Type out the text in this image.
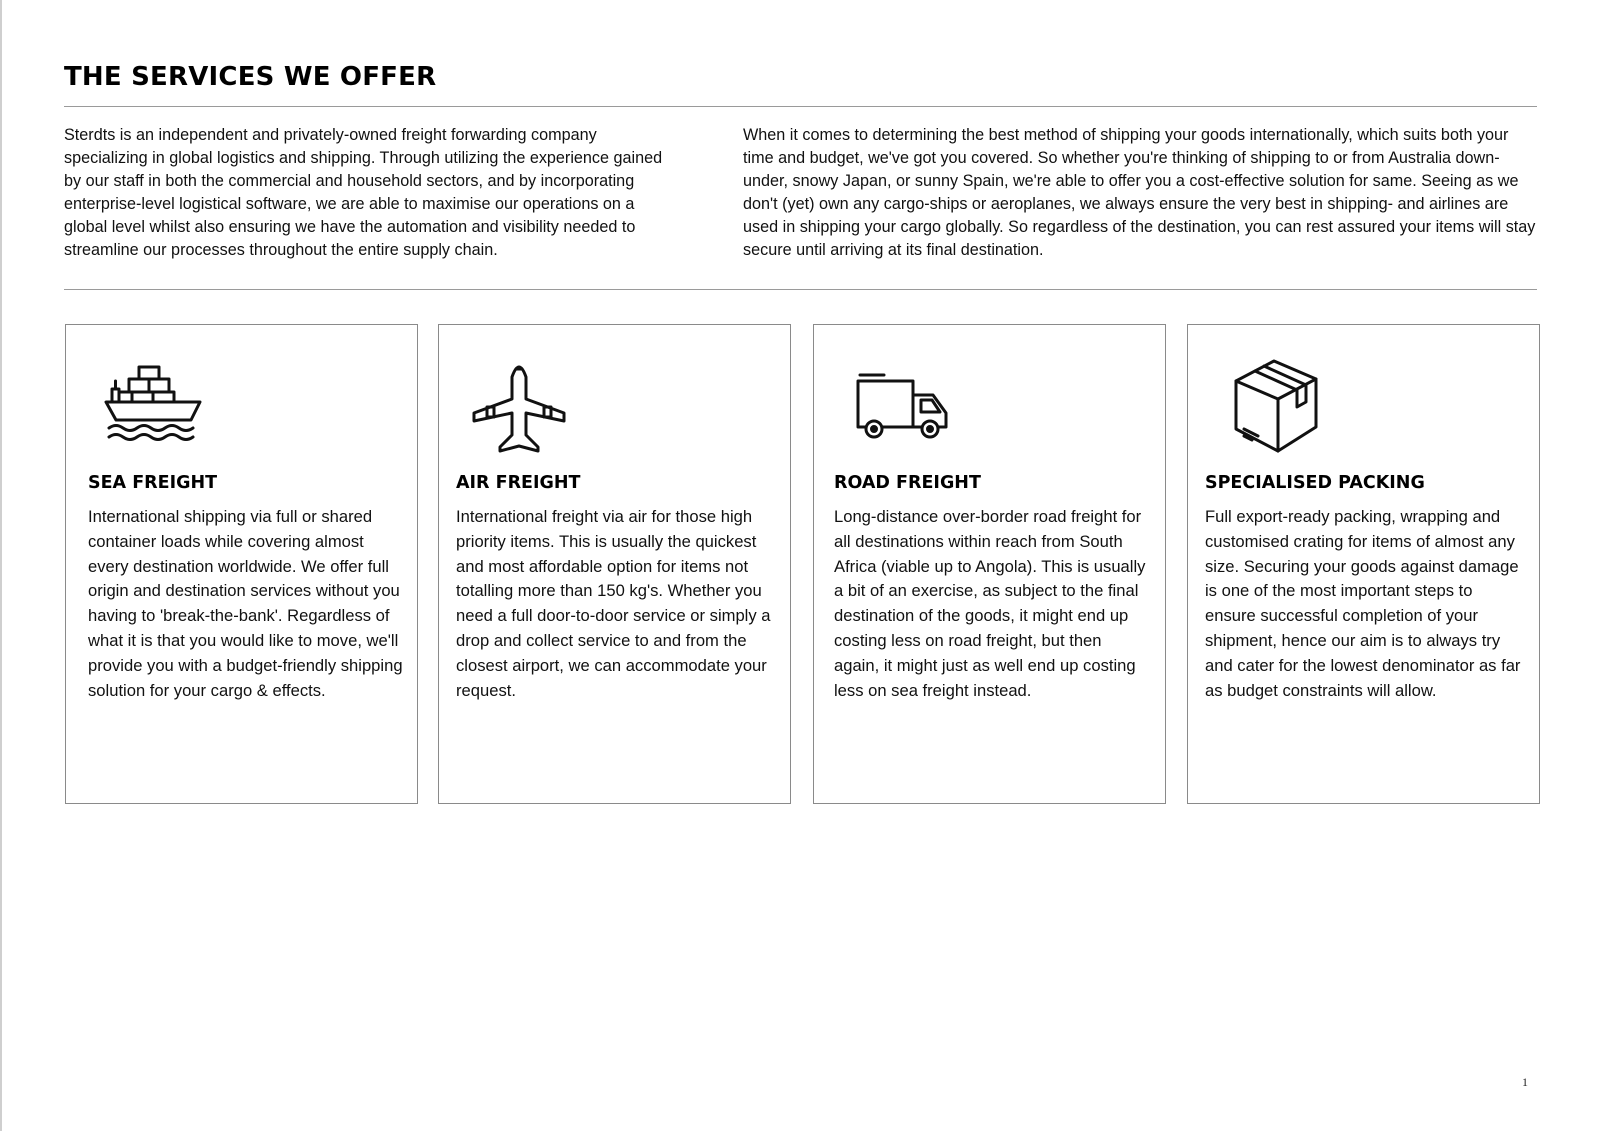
THE SERVICES WE OFFER

Sterdts is an independent and privately-owned freight forwarding company specializing in global logistics and shipping. Through utilizing the experience gained by our staff in both the commercial and household sectors, and by incorporating enterprise-level logistical software, we are able to maximise our operations on a global level whilst also ensuring we have the automation and visibility needed to streamline our processes throughout the entire supply chain.

When it comes to determining the best method of shipping your goods internationally, which suits both your time and budget, we've got you covered. So whether you're thinking of shipping to or from Australia down-under, snowy Japan, or sunny Spain, we're able to offer you a cost-effective solution for same. Seeing as we don't (yet) own any cargo-ships or aeroplanes, we always ensure the very best in shipping- and airlines are used in shipping your cargo globally. So regardless of the destination, you can rest assured your items will stay secure until arriving at its final destination.

SEA FREIGHT

International shipping via full or shared container loads while covering almost every destination worldwide. We offer full origin and destination services without you having to 'break-the-bank'. Regardless of what it is that you would like to move, we'll provide you with a budget-friendly shipping solution for your cargo & effects.

AIR FREIGHT

International freight via air for those high priority items. This is usually the quickest and most affordable option for items not totalling more than 150 kg's. Whether you need a full door-to-door service or simply a drop and collect service to and from the closest airport, we can accommodate your request.

ROAD FREIGHT

Long-distance over-border road freight for all destinations within reach from South Africa (viable up to Angola). This is usually a bit of an exercise, as subject to the final destination of the goods, it might end up costing less on road freight, but then again, it might just as well end up costing less on sea freight instead.

SPECIALISED PACKING

Full export-ready packing, wrapping and customised crating for items of almost any size. Securing your goods against damage is one of the most important steps to ensure successful completion of your shipment, hence our aim is to always try and cater for the lowest denominator as far as budget constraints will allow.

1
